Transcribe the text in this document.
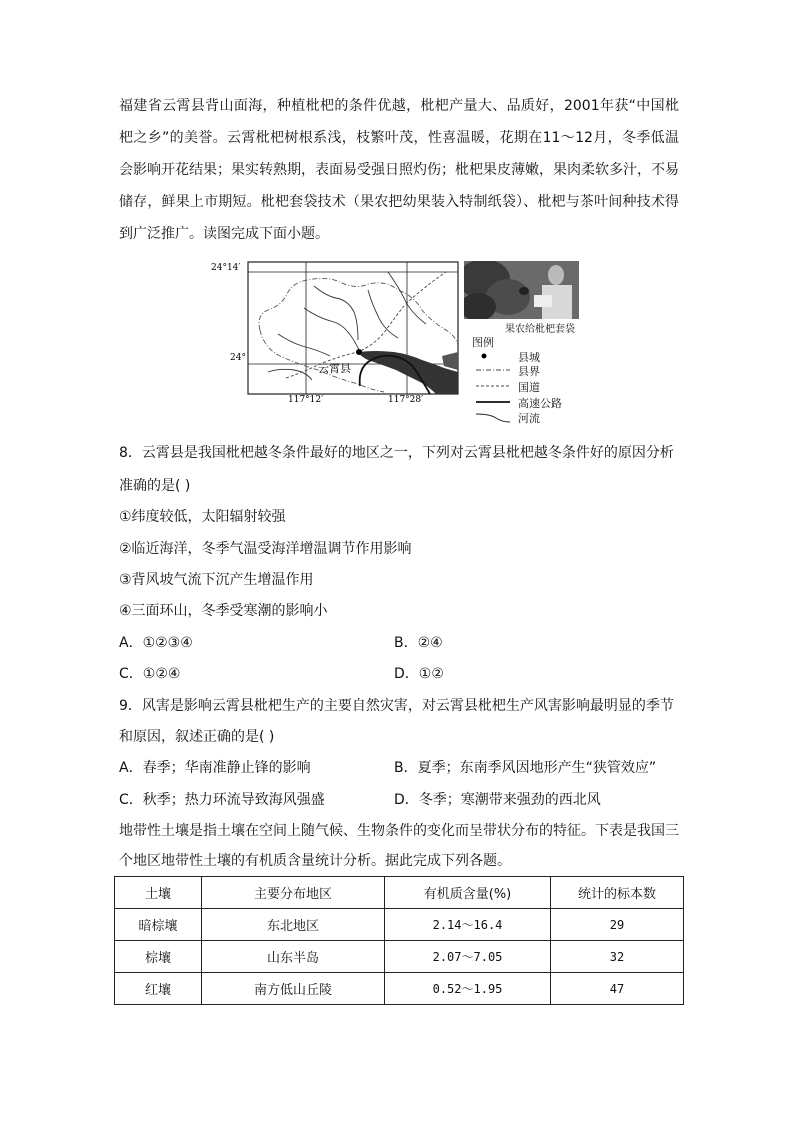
福建省云霄县背山面海，种植枇杷的条件优越，枇杷产量大、品质好，2001年获“中国枇杷之乡”的美誉。云霄枇杷树根系浅，枝繁叶茂，性喜温暖，花期在11～12月，冬季低温会影响开花结果；果实转熟期，表面易受强日照灼伤；枇杷果皮薄嫩，果肉柔软多汁，不易储存，鲜果上市期短。枇杷套袋技术（果农把幼果装入特制纸袋）、枇杷与茶叶间种技术得到广泛推广。读图完成下面小题。
24°14′
24°
云霄县
117°12′	117°28′
果农给枇杷套袋
图例
县城
县界
国道
高速公路
河流
8．云霄县是我国枇杷越冬条件最好的地区之一，下列对云霄县枇杷越冬条件好的原因分析
准确的是( )
①纬度较低，太阳辐射较强
②临近海洋，冬季气温受海洋增温调节作用影响
③背风坡气流下沉产生增温作用
④三面环山，冬季受寒潮的影响小
A．①②③④	B．②④
C．①②④	D．①②
9．风害是影响云霄县枇杷生产的主要自然灾害，对云霄县枇杷生产风害影响最明显的季节
和原因，叙述正确的是( )
A．春季；华南准静止锋的影响	B．夏季；东南季风因地形产生“狭管效应”
C．秋季；热力环流导致海风强盛	D．冬季；寒潮带来强劲的西北风
地带性土壤是指土壤在空间上随气候、生物条件的变化而呈带状分布的特征。下表是我国三
个地区地带性土壤的有机质含量统计分析。据此完成下列各题。
土壤	主要分布地区	有机质含量(%)	统计的标本数
暗棕壤	东北地区	2.14～16.4	29
棕壤	山东半岛	2.07～7.05	32
红壤	南方低山丘陵	0.52～1.95	47
